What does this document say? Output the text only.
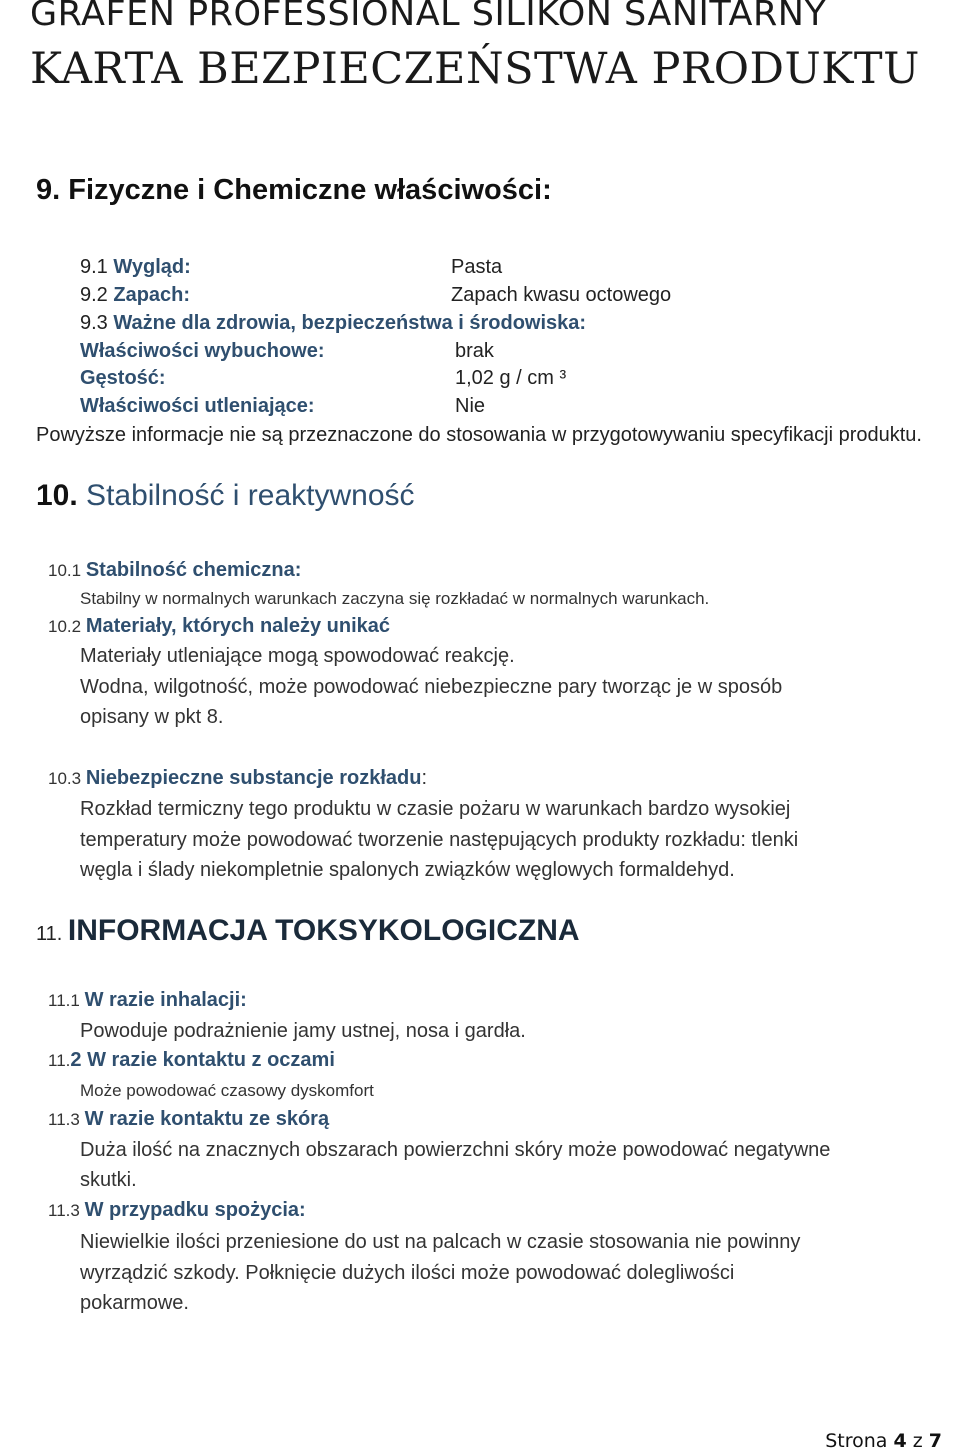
GRAFEN PROFESSIONAL SILIKON SANITARNY
KARTA BEZPIECZEŃSTWA PRODUKTU
9. Fizyczne i Chemiczne właściwości:
9.1 Wygląd:	Pasta
9.2 Zapach:	Zapach kwasu octowego
9.3 Ważne dla zdrowia, bezpieczeństwa i środowiska:
Właściwości wybuchowe:	brak
Gęstość:	1,02 g / cm ³
Właściwości utleniające:	Nie
Powyższe informacje nie są przeznaczone do stosowania w przygotowywaniu specyfikacji produktu.
10. Stabilność i reaktywność
10.1 Stabilność chemiczna:
Stabilny w normalnych warunkach zaczyna się rozkładać w normalnych warunkach.
10.2 Materiały, których należy unikać
Materiały utleniające mogą spowodować reakcję.
Wodna, wilgotność, może powodować niebezpieczne pary tworząc je w sposób
opisany w pkt 8.
10.3 Niebezpieczne substancje rozkładu:
Rozkład termiczny tego produktu w czasie pożaru w warunkach bardzo wysokiej
temperatury może powodować tworzenie następujących produkty rozkładu: tlenki
węgla i ślady niekompletnie spalonych związków węglowych formaldehyd.
11. INFORMACJA TOKSYKOLOGICZNA
11.1 W razie inhalacji:
Powoduje podrażnienie jamy ustnej, nosa i gardła.
11.2 W razie kontaktu z oczami
Może powodować czasowy dyskomfort
11.3 W razie kontaktu ze skórą
Duża ilość na znacznych obszarach powierzchni skóry może powodować negatywne
skutki.
11.3 W przypadku spożycia:
Niewielkie ilości przeniesione do ust na palcach w czasie stosowania nie powinny
wyrządzić szkody. Połknięcie dużych ilości może powodować dolegliwości
pokarmowe.
Strona 4 z 7
